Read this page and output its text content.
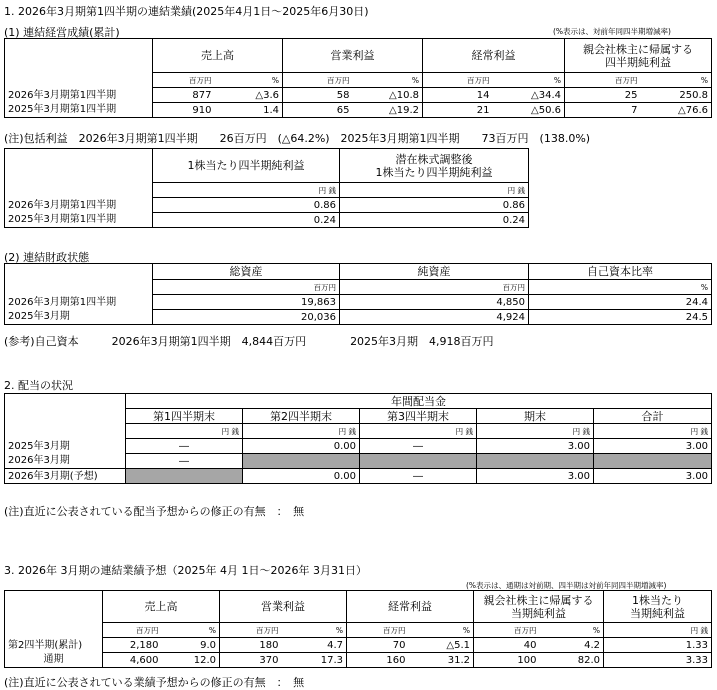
1. 2026年3月期第1四半期の連結業績(2025年4月1日～2025年6月30日)
(1) 連結経営成績(累計)	(%表示は、対前年同四半期増減率)
	売上高		営業利益		経常利益		親会社株主に帰属する
四半期純利益	
	百万円	%	百万円	%	百万円	%	百万円	%
2026年3月期第1四半期	877	△3.6	58	△10.8	14	△34.4	25	250.8
2025年3月期第1四半期	910	1.4	65	△19.2	21	△50.6	7	△76.6
(注)包括利益　2026年3月期第1四半期　　26百万円　(△64.2%)　2025年3月期第1四半期　　73百万円　(138.0%)
	1株当たり四半期純利益	潜在株式調整後
1株当たり四半期純利益
	円 銭	円 銭
2026年3月期第1四半期	0.86	0.86
2025年3月期第1四半期	0.24	0.24
(2) 連結財政状態
	総資産	純資産	自己資本比率
	百万円	百万円	%
2026年3月期第1四半期	19,863	4,850	24.4
2025年3月期	20,036	4,924	24.5
(参考)自己資本　　　2026年3月期第1四半期　4,844百万円　　　　2025年3月期　4,918百万円
2. 配当の状況
	年間配当金				
	第1四半期末	第2四半期末	第3四半期末	期末	合計
	円 銭	円 銭	円 銭	円 銭	円 銭
2025年3月期	―	0.00	―	3.00	3.00
2026年3月期	―				
2026年3月期(予想)		0.00	―	3.00	3.00
(注)直近に公表されている配当予想からの修正の有無　：　無
3. 2026年 3月期の連結業績予想（2025年 4月 1日～2026年 3月31日）
(%表示は、通期は対前期、四半期は対前年同四半期増減率)
	売上高		営業利益		経常利益		親会社株主に帰属する
当期純利益		1株当たり
当期純利益
	百万円	%	百万円	%	百万円	%	百万円	%	円 銭
第2四半期(累計)	2,180	9.0	180	4.7	70	△5.1	40	4.2	1.33
通期	4,600	12.0	370	17.3	160	31.2	100	82.0	3.33
(注)直近に公表されている業績予想からの修正の有無　：　無
